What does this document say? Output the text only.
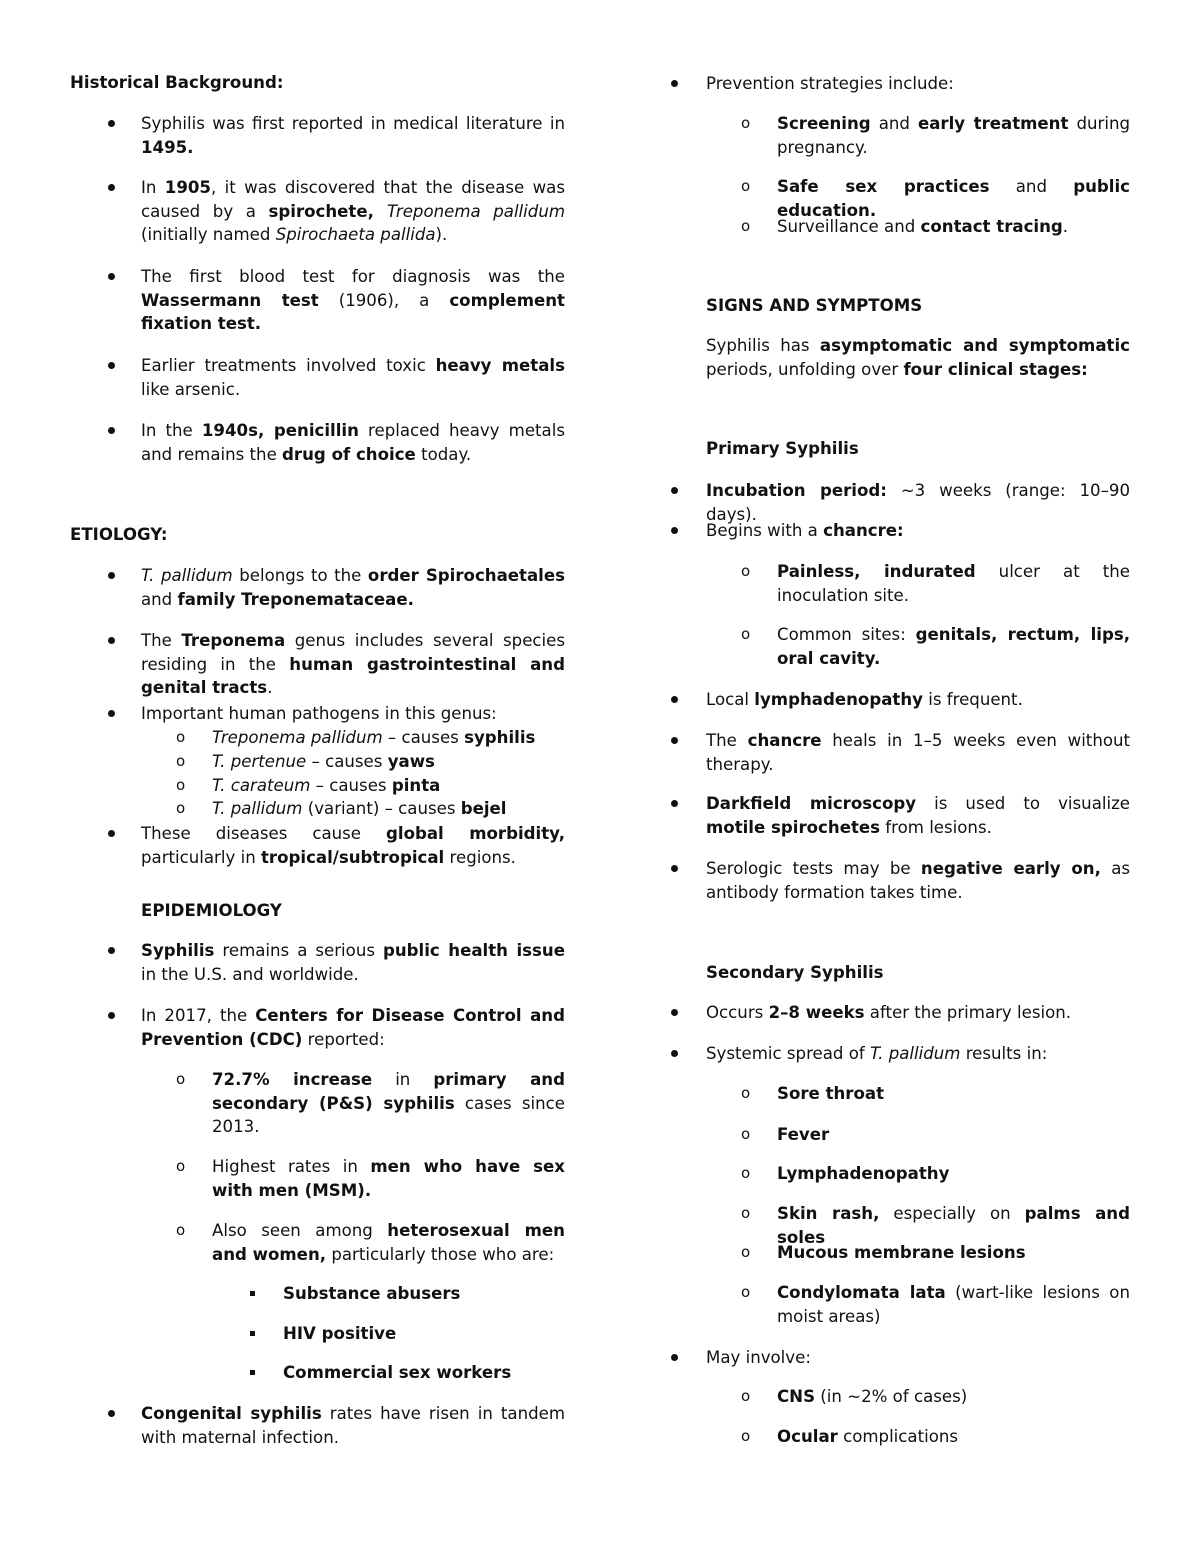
Historical Background:
Syphilis was first reported in medical literature in 1495.
In 1905, it was discovered that the disease was caused by a spirochete, Treponema pallidum (initially named Spirochaeta pallida).
The first blood test for diagnosis was the Wassermann test (1906), a complement fixation test.
Earlier treatments involved toxic heavy metals like arsenic.
In the 1940s, penicillin replaced heavy metals and remains the drug of choice today.
ETIOLOGY:
T. pallidum belongs to the order Spirochaetales and family Treponemataceae.
The Treponema genus includes several species residing in the human gastrointestinal and genital tracts.
Important human pathogens in this genus:
o Treponema pallidum – causes syphilis
o T. pertenue – causes yaws
o T. carateum – causes pinta
o T. pallidum (variant) – causes bejel
These diseases cause global morbidity, particularly in tropical/subtropical regions.
EPIDEMIOLOGY
Syphilis remains a serious public health issue in the U.S. and worldwide.
In 2017, the Centers for Disease Control and Prevention (CDC) reported:
o 72.7% increase in primary and secondary (P&S) syphilis cases since 2013.
o Highest rates in men who have sex with men (MSM).
o Also seen among heterosexual men and women, particularly those who are:
Substance abusers
HIV positive
Commercial sex workers
Congenital syphilis rates have risen in tandem with maternal infection.
Prevention strategies include:
o Screening and early treatment during pregnancy.
o Safe sex practices and public education.
o Surveillance and contact tracing.
SIGNS AND SYMPTOMS
Syphilis has asymptomatic and symptomatic periods, unfolding over four clinical stages:
Primary Syphilis
Incubation period: ~3 weeks (range: 10–90 days).
Begins with a chancre:
o Painless, indurated ulcer at the inoculation site.
o Common sites: genitals, rectum, lips, oral cavity.
Local lymphadenopathy is frequent.
The chancre heals in 1–5 weeks even without therapy.
Darkfield microscopy is used to visualize motile spirochetes from lesions.
Serologic tests may be negative early on, as antibody formation takes time.
Secondary Syphilis
Occurs 2–8 weeks after the primary lesion.
Systemic spread of T. pallidum results in:
o Sore throat
o Fever
o Lymphadenopathy
o Skin rash, especially on palms and soles
o Mucous membrane lesions
o Condylomata lata (wart-like lesions on moist areas)
May involve:
o CNS (in ~2% of cases)
o Ocular complications
